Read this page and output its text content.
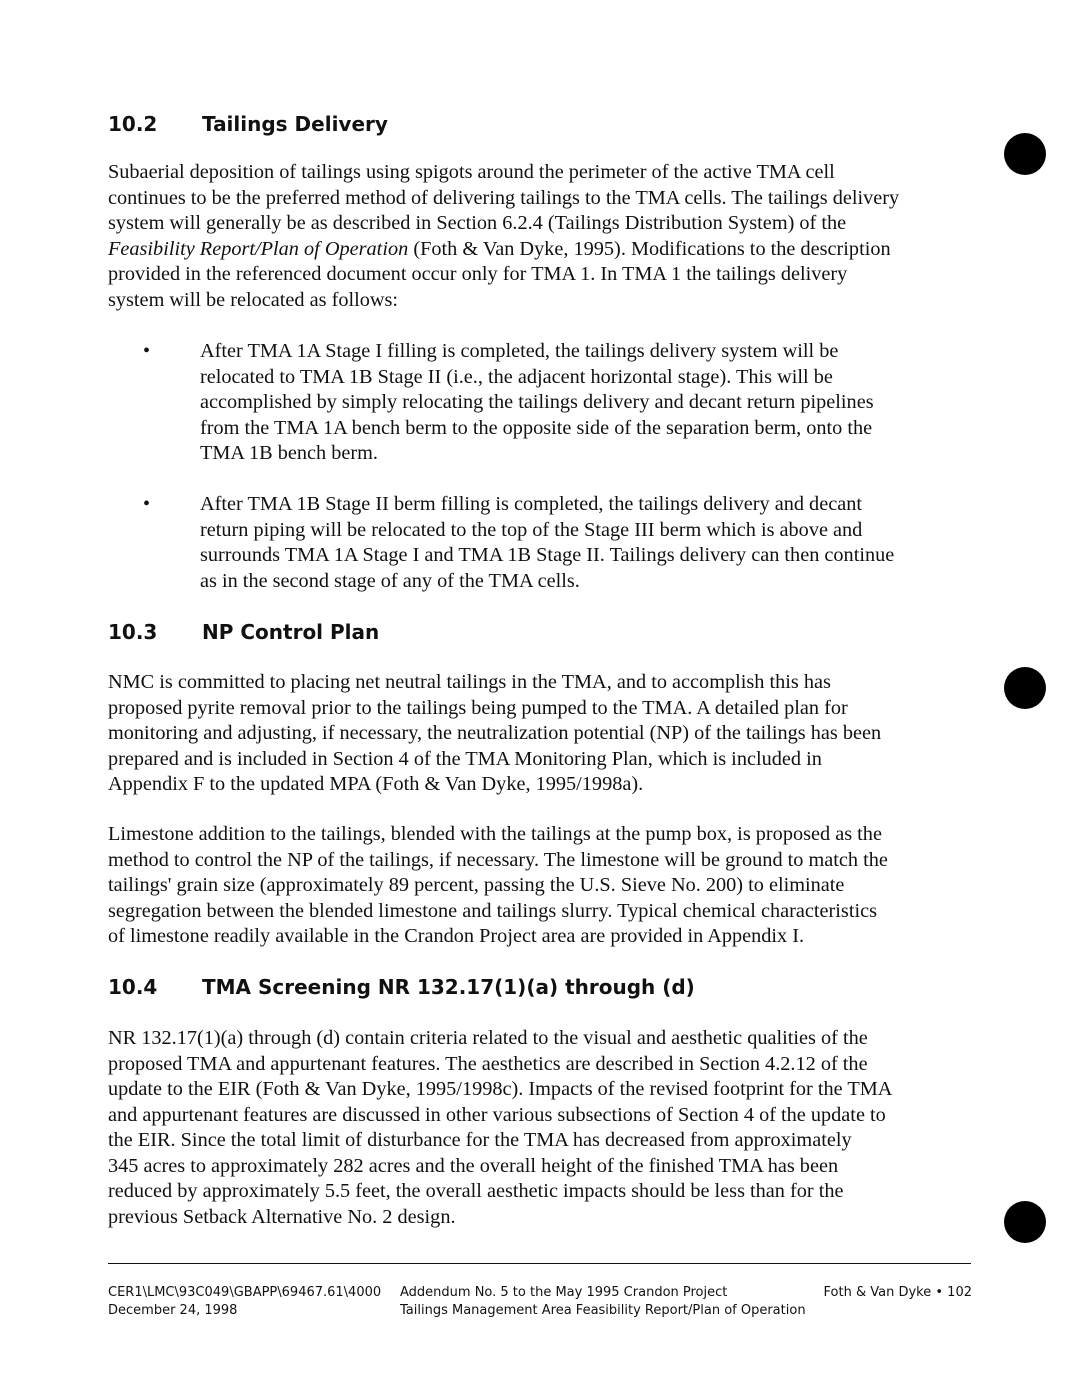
10.2 Tailings Delivery
Subaerial deposition of tailings using spigots around the perimeter of the active TMA cell
continues to be the preferred method of delivering tailings to the TMA cells. The tailings delivery
system will generally be as described in Section 6.2.4 (Tailings Distribution System) of the
Feasibility Report/Plan of Operation (Foth & Van Dyke, 1995). Modifications to the description
provided in the referenced document occur only for TMA 1. In TMA 1 the tailings delivery
system will be relocated as follows:
• After TMA 1A Stage I filling is completed, the tailings delivery system will be
relocated to TMA 1B Stage II (i.e., the adjacent horizontal stage). This will be
accomplished by simply relocating the tailings delivery and decant return pipelines
from the TMA 1A bench berm to the opposite side of the separation berm, onto the
TMA 1B bench berm.
• After TMA 1B Stage II berm filling is completed, the tailings delivery and decant
return piping will be relocated to the top of the Stage III berm which is above and
surrounds TMA 1A Stage I and TMA 1B Stage II. Tailings delivery can then continue
as in the second stage of any of the TMA cells.
10.3 NP Control Plan
NMC is committed to placing net neutral tailings in the TMA, and to accomplish this has
proposed pyrite removal prior to the tailings being pumped to the TMA. A detailed plan for
monitoring and adjusting, if necessary, the neutralization potential (NP) of the tailings has been
prepared and is included in Section 4 of the TMA Monitoring Plan, which is included in
Appendix F to the updated MPA (Foth & Van Dyke, 1995/1998a).
Limestone addition to the tailings, blended with the tailings at the pump box, is proposed as the
method to control the NP of the tailings, if necessary. The limestone will be ground to match the
tailings' grain size (approximately 89 percent, passing the U.S. Sieve No. 200) to eliminate
segregation between the blended limestone and tailings slurry. Typical chemical characteristics
of limestone readily available in the Crandon Project area are provided in Appendix I.
10.4 TMA Screening NR 132.17(1)(a) through (d)
NR 132.17(1)(a) through (d) contain criteria related to the visual and aesthetic qualities of the
proposed TMA and appurtenant features. The aesthetics are described in Section 4.2.12 of the
update to the EIR (Foth & Van Dyke, 1995/1998c). Impacts of the revised footprint for the TMA
and appurtenant features are discussed in other various subsections of Section 4 of the update to
the EIR. Since the total limit of disturbance for the TMA has decreased from approximately
345 acres to approximately 282 acres and the overall height of the finished TMA has been
reduced by approximately 5.5 feet, the overall aesthetic impacts should be less than for the
previous Setback Alternative No. 2 design.
CER1\LMC\93C049\GBAPP\69467.61\4000
December 24, 1998
Addendum No. 5 to the May 1995 Crandon Project
Tailings Management Area Feasibility Report/Plan of Operation
Foth & Van Dyke • 102
